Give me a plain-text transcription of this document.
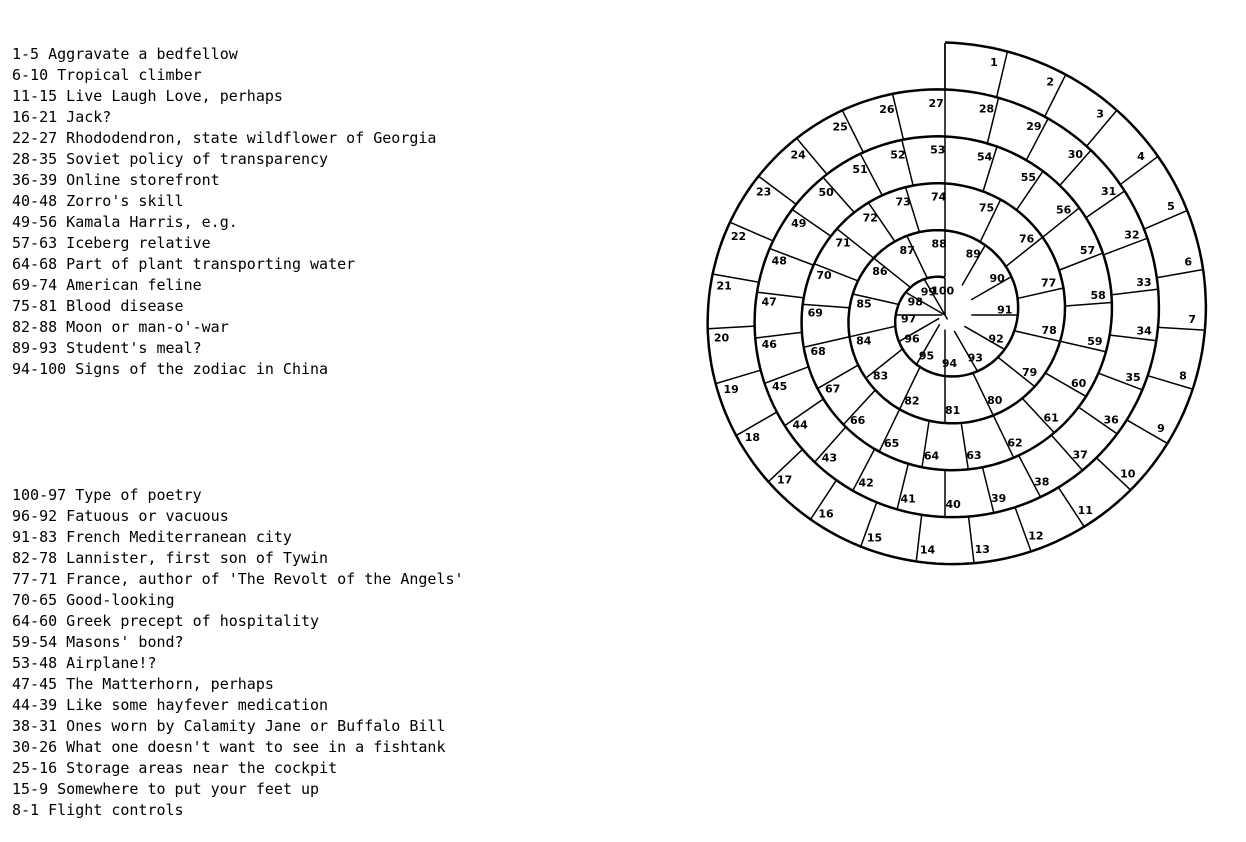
1-5 Aggravate a bedfellow
6-10 Tropical climber
11-15 Live Laugh Love, perhaps
16-21 Jack?
22-27 Rhododendron, state wildflower of Georgia
28-35 Soviet policy of transparency
36-39 Online storefront
40-48 Zorro's skill
49-56 Kamala Harris, e.g.
57-63 Iceberg relative
64-68 Part of plant transporting water
69-74 American feline
75-81 Blood disease
82-88 Moon or man-o'-war
89-93 Student's meal?
94-100 Signs of the zodiac in China

100-97 Type of poetry
96-92 Fatuous or vacuous
91-83 French Mediterranean city
82-78 Lannister, first son of Tywin
77-71 France, author of 'The Revolt of the Angels'
70-65 Good-looking
64-60 Greek precept of hospitality
59-54 Masons' bond?
53-48 Airplane!?
47-45 The Matterhorn, perhaps
44-39 Like some hayfever medication
38-31 Ones worn by Calamity Jane or Buffalo Bill
30-26 What one doesn't want to see in a fishtank
25-16 Storage areas near the cockpit
15-9 Somewhere to put your feet up
8-1 Flight controls

1
2
3
4
5
6
7
8
9
10
11
12
13
14
15
16
17
18
19
20
21
22
23
24
25
26	27	28
29
30
31
32
33
34
35
36
37
38
39
40
41
42
43
44
45
46
47
48
49
50
51
52 53
54
55
56
57
58
59
60
61
62
63
64
65
66
67
68
69
70
71
72
73 74
75
76
77
78
79
80
81
82
83
84
85
86
87
88
89
90
91
92
93
94
95
96
97
98
99
100
